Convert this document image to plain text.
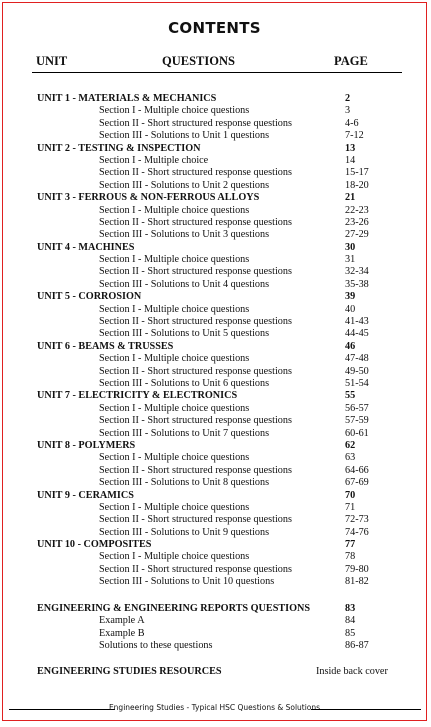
CONTENTS
UNIT	QUESTIONS	PAGE
UNIT 1 - MATERIALS & MECHANICS	2
Section I - Multiple choice questions	3
Section II - Short structured response questions	4-6
Section III - Solutions to Unit 1 questions	7-12
UNIT 2 - TESTING & INSPECTION	13
Section I - Multiple choice	14
Section II - Short structured response questions	15-17
Section III - Solutions to Unit 2 questions	18-20
UNIT 3 - FERROUS & NON-FERROUS ALLOYS	21
Section I - Multiple choice questions	22-23
Section II - Short structured response questions	23-26
Section III - Solutions to Unit 3 questions	27-29
UNIT 4 - MACHINES	30
Section I - Multiple choice questions	31
Section II - Short structured response questions	32-34
Section III - Solutions to Unit 4 questions	35-38
UNIT 5 - CORROSION	39
Section I - Multiple choice questions	40
Section II - Short structured response questions	41-43
Section III - Solutions to Unit 5 questions	44-45
UNIT 6 - BEAMS & TRUSSES	46
Section I - Multiple choice questions	47-48
Section II - Short structured response questions	49-50
Section III - Solutions to Unit 6 questions	51-54
UNIT 7 - ELECTRICITY & ELECTRONICS	55
Section I - Multiple choice questions	56-57
Section II - Short structured response questions	57-59
Section III - Solutions to Unit 7 questions	60-61
UNIT 8 - POLYMERS	62
Section I - Multiple choice questions	63
Section II - Short structured response questions	64-66
Section III - Solutions to Unit 8 questions	67-69
UNIT 9 - CERAMICS	70
Section I - Multiple choice questions	71
Section II - Short structured response questions	72-73
Section III - Solutions to Unit 9 questions	74-76
UNIT 10 - COMPOSITES	77
Section I - Multiple choice questions	78
Section II - Short structured response questions	79-80
Section III - Solutions to Unit 10 questions	81-82
ENGINEERING & ENGINEERING REPORTS QUESTIONS	83
Example A	84
Example B	85
Solutions to these questions	86-87
ENGINEERING STUDIES RESOURCES	Inside back cover
Engineering Studies - Typical HSC Questions & Solutions
